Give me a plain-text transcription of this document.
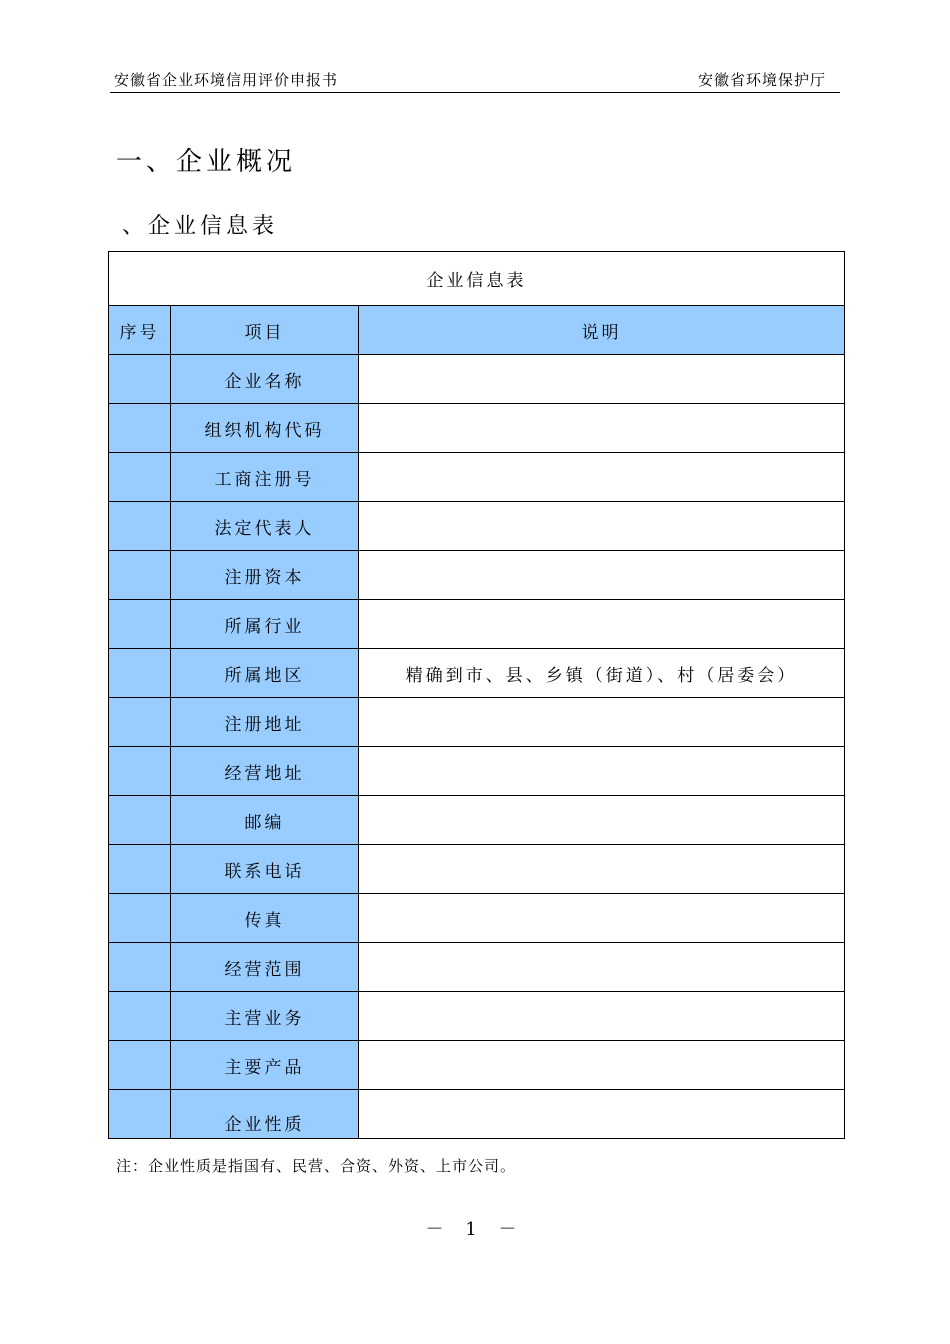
安徽省企业环境信用评价申报书	安徽省环境保护厅
一、企业概况
、企业信息表
企业信息表		
序号	项目	说明
	企业名称	
	组织机构代码	
	工商注册号	
	法定代表人	
	注册资本	
	所属行业	
	所属地区	精确到市、县、乡镇（街道）、村（居委会）
	注册地址	
	经营地址	
	邮编	
	联系电话	
	传真	
	经营范围	
	主营业务	
	主要产品	
	企业性质	
注：企业性质是指国有、民营、合资、外资、上市公司。
－ 1 －
